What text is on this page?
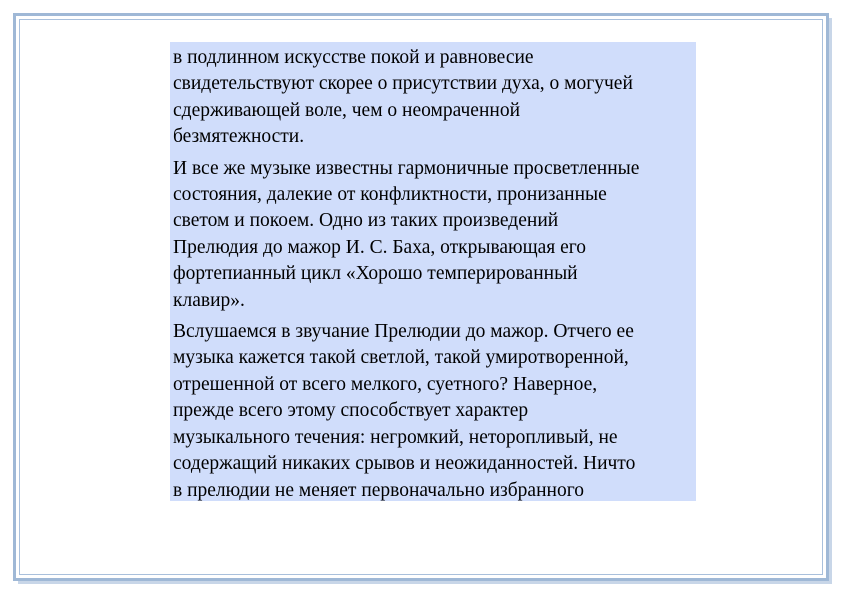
в подлинном искусстве покой и равновесие
свидетельствуют скорее о присутствии духа, о могучей
сдерживающей воле, чем о неомраченной
безмятежности.

И все же музыке известны гармоничные просветленные
состояния, далекие от конфликтности, пронизанные
светом и покоем. Одно из таких произведений
Прелюдия до мажор И. С. Баха, открывающая его
фортепианный цикл «Хорошо темперированный
клавир».

Вслушаемся в звучание Прелюдии до мажор. Отчего ее
музыка кажется такой светлой, такой умиротворенной,
отрешенной от всего мелкого, суетного? Наверное,
прежде всего этому способствует характер
музыкального течения: негромкий, неторопливый, не
содержащий никаких срывов и неожиданностей. Ничто
в прелюдии не меняет первоначально избранного
